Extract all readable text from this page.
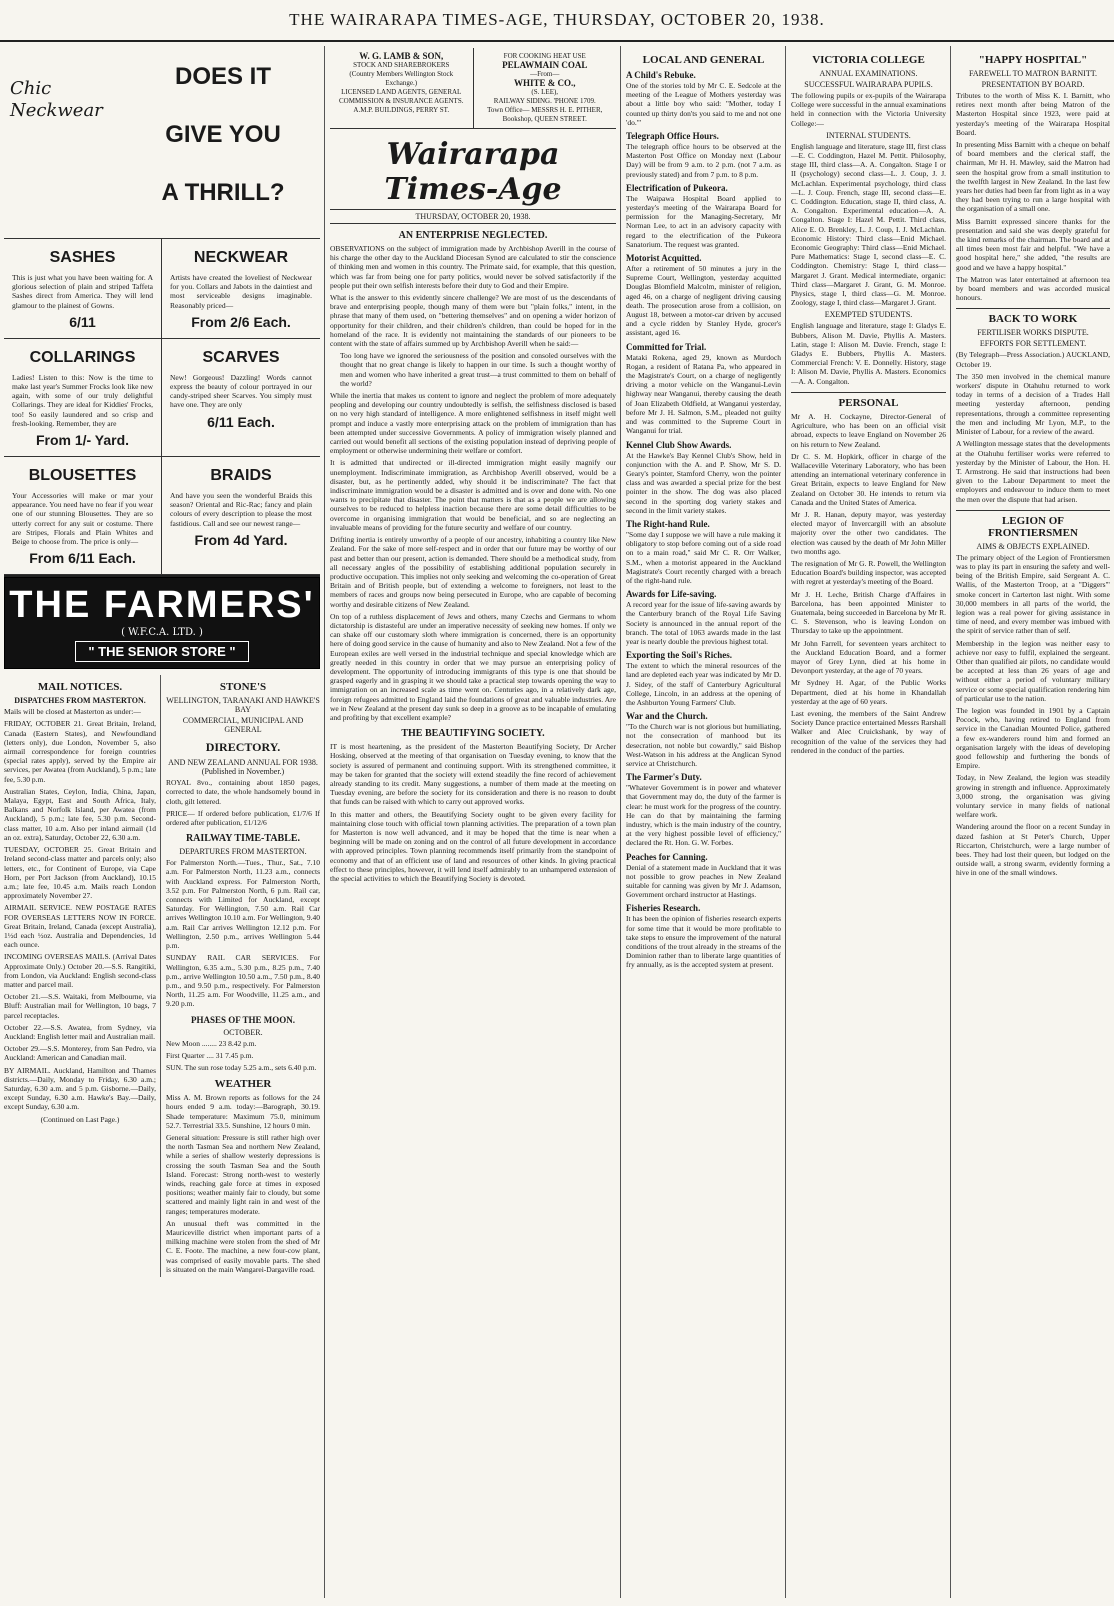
THE WAIRARAPA TIMES-AGE, THURSDAY, OCTOBER 20, 1938.
Chic Neckwear
DOES IT
GIVE YOU
A THRILL?
SASHES

This is just what you have been waiting for. A glorious selection of plain and striped Taffeta Sashes direct from America. They will lend glamour to the plainest of Gowns.

6/11
NECKWEAR

Artists have created the loveliest of Neckwear for you. Collars and Jabots in the daintiest and most serviceable designs imaginable. Reasonably priced—

From 2/6 Each.
COLLARINGS

Ladies! Listen to this: Now is the time to make last year's Summer Frocks look like new again, with some of our truly delightful Collarings. They are ideal for Kiddies' Frocks, too! So easily laundered and so crisp and fresh-looking. Remember, they are

From 1/- Yard.
SCARVES

New! Gorgeous! Dazzling! Words cannot express the beauty of colour portrayed in our candy-striped sheer Scarves. You simply must have one. They are only

6/11 Each.
BLOUSETTES

Your Accessories will make or mar your appearance. You need have no fear if you wear one of our stunning Blousettes. They are so utterly correct for any suit or costume. There are Stripes, Florals and Plain Whites and Beige to choose from. The price is only—

From 6/11 Each.
BRAIDS

And have you seen the wonderful Braids this season? Oriental and Ric-Rac; fancy and plain colours of every description to please the most fastidious. Call and see our newest range—

From 4d Yard.
THE FARMERS'
( W.F.C.A. LTD. )
" THE SENIOR STORE "
MAIL NOTICES.
DISPATCHES FROM MASTERTON.

Mails will be closed at Masterton as under:—

FRIDAY, OCTOBER 21. Great Britain, Ireland, Canada (Eastern States), and Newfoundland (letters only), due London, November 5, also airmail correspondence for foreign countries (special rates apply), served by the Empire air services, per Awatea (from Auckland), 5 p.m.; late fee, 5.30 p.m.

Australian States, Ceylon, India, China, Japan, Malaya, Egypt, East and South Africa, Italy, Balkans and Norfolk Island, per Awatea (from Auckland), 5 p.m.; late fee, 5.30 p.m. Second-class matter, 10 a.m. Also per inland airmail (1d an oz. extra), Saturday, October 22, 6.30 a.m.

TUESDAY, OCTOBER 25. Great Britain and Ireland second-class matter and parcels only; also letters, etc., for Continent of Europe, via Cape Horn, per Port Jackson (from Auckland), 10.15 a.m.; late fee, 10.45 a.m. Mails reach London approximately November 27.

AIRMAIL SERVICE. NEW POSTAGE RATES FOR OVERSEAS LETTERS NOW IN FORCE. Great Britain, Ireland, Canada (except Australia), 1½d each ½oz. Australia and Dependencies, 1d each ounce.

INCOMING OVERSEAS MAILS. (Arrival Dates Approximate Only.) October 20.—S.S. Rangitiki, from London, via Auckland: English second-class matter and parcel mail.

October 21.—S.S. Waitaki, from Melbourne, via Bluff: Australian mail for Wellington, 10 bags, 7 parcel receptacles.

October 22.—S.S. Awatea, from Sydney, via Auckland: English letter mail and Australian mail.

October 29.—S.S. Monterey, from San Pedro, via Auckland: American and Canadian mail.

BY AIRMAIL. Auckland, Hamilton and Thames districts.—Daily, Monday to Friday, 6.30 a.m.; Saturday, 6.30 a.m. and 5 p.m. Gisborne.—Daily, except Sunday, 6.30 a.m. Hawke's Bay.—Daily, except Sunday, 6.30 a.m.

(Continued on Last Page.)

STONE'S
WELLINGTON, TARANAKI AND HAWKE'S BAY
COMMERCIAL, MUNICIPAL AND GENERAL
DIRECTORY.
AND NEW ZEALAND ANNUAL FOR 1938. (Published in November.)

ROYAL 8vo., containing about 1850 pages, corrected to date, the whole handsomely bound in cloth, gilt lettered.

PRICE— If ordered before publication, £1/7/6 If ordered after publication, £1/12/6

RAILWAY TIME-TABLE.
DEPARTURES FROM MASTERTON.

For Palmerston North.—Tues., Thur., Sat., 7.10 a.m. For Palmerston North, 11.23 a.m., connects with Auckland express. For Palmerston North, 3.52 p.m. For Palmerston North, 6 p.m. Rail car, connects with Limited for Auckland, except Saturday. For Wellington, 7.50 a.m. Rail Car arrives Wellington 10.10 a.m. For Wellington, 9.40 a.m. Rail Car arrives Wellington 12.12 p.m. For Wellington, 2.50 p.m., arrives Wellington 5.44 p.m.

SUNDAY RAIL CAR SERVICES. For Wellington, 6.35 a.m., 5.30 p.m., 8.25 p.m., 7.40 p.m., arrive Wellington 10.50 a.m., 7.50 p.m., 8.40 p.m., and 9.50 p.m., respectively. For Palmerston North, 11.25 a.m. For Woodville, 11.25 a.m., and 9.20 p.m.

PHASES OF THE MOON.
OCTOBER.

New Moon ........ 23 8.42 p.m.

First Quarter .... 31 7.45 p.m.

SUN. The sun rose today 5.25 a.m., sets 6.40 p.m.

WEATHER

Miss A. M. Brown reports as follows for the 24 hours ended 9 a.m. today:—Barograph, 30.19. Shade temperature: Maximum 75.0, minimum 52.7. Terrestrial 33.5. Sunshine, 12 hours 0 min.

General situation: Pressure is still rather high over the north Tasman Sea and northern New Zealand, while a series of shallow westerly depressions is crossing the south Tasman Sea and the South Island. Forecast: Strong north-west to westerly winds, reaching gale force at times in exposed positions; weather mainly fair to cloudy, but some scattered and mainly light rain in and west of the ranges; temperatures moderate.

An unusual theft was committed in the Mauriceville district when important parts of a milking machine were stolen from the shed of Mr C. E. Foote. The machine, a new four-cow plant, was comprised of easily movable parts. The shed is situated on the main Wangarei-Dargaville road.

W. G. LAMB & SON,
STOCK AND SHAREBROKERS
(Country Members Wellington Stock Exchange.)
LICENSED LAND AGENTS, GENERAL COMMISSION & INSURANCE AGENTS.
A.M.P. BUILDINGS, PERRY ST.
FOR COOKING HEAT USE
PELAWMAIN COAL
—From—
WHITE & CO.,
(S. LEE),
RAILWAY SIDING. 'PHONE 1709.
Town Office— MESSRS H. E. PITHER, Bookshop, QUEEN STREET.
Wairarapa Times-Age
THURSDAY, OCTOBER 20, 1938.
AN ENTERPRISE NEGLECTED.

OBSERVATIONS on the subject of immigration made by Archbishop Averill in the course of his charge the other day to the Auckland Diocesan Synod are calculated to stir the conscience of thinking men and women in this country. The Primate said, for example, that this question, which was far from being one for party politics, would never be solved satisfactorily if the people put their own selfish interests before their duty to God and their Empire.

What is the answer to this evidently sincere challenge? We are most of us the descendants of brave and enterprising people, though many of them were but "plain folks," intent, in the phrase that many of them used, on "bettering themselves" and on opening a wider horizon of opportunity for their children, and their children's children, than could be hoped for in the homeland of the race. It is evidently not maintaining the standards of our pioneers to be content with the state of affairs summed up by Archbishop Averill when he said:—

Too long have we ignored the seriousness of the position and consoled ourselves with the thought that no great change is likely to happen in our time. Is such a thought worthy of men and women who have inherited a great trust—a trust committed to them on behalf of the world?

While the inertia that makes us content to ignore and neglect the problem of more adequately peopling and developing our country undoubtedly is selfish, the selfishness disclosed is based on no very high standard of intelligence. A more enlightened selfishness in itself might well prompt and induce a vastly more enterprising attack on the problem of immigration than has been attempted under successive Governments. A policy of immigration wisely planned and carried out would benefit all sections of the existing population instead of depriving people of employment or otherwise undermining their welfare or comfort.

It is admitted that undirected or ill-directed immigration might easily magnify our unemployment. Indiscriminate immigration, as Archbishop Averill observed, would be a disaster, but, as he pertinently added, why should it be indiscriminate? The fact that indiscriminate immigration would be a disaster is admitted and is over and done with. No one wants to precipitate that disaster. The point that matters is that as a people we are allowing ourselves to be reduced to helpless inaction because there are some detail difficulties to be overcome in organising immigration that would be beneficial, and so are neglecting an invaluable means of providing for the future security and welfare of our country.

Drifting inertia is entirely unworthy of a people of our ancestry, inhabiting a country like New Zealand. For the sake of more self-respect and in order that our future may be worthy of our past and better than our present, action is demanded. There should be a methodical study, from all necessary angles of the possibility of establishing additional population securely in productive occupation. This implies not only seeking and welcoming the co-operation of Great Britain and of British people, but of extending a welcome to foreigners, not least to the members of races and groups now being persecuted in Europe, who are capable of becoming worthy and desirable citizens of New Zealand.

On top of a ruthless displacement of Jews and others, many Czechs and Germans to whom dictatorship is distasteful are under an imperative necessity of seeking new homes. If only we can shake off our customary sloth where immigration is concerned, there is an opportunity here of doing good service in the cause of humanity and also to New Zealand. Not a few of the European exiles are well versed in the industrial technique and special knowledge which are greatly needed in this country in order that we may pursue an enterprising policy of development. The opportunity of introducing immigrants of this type is one that should be grasped eagerly and in grasping it we should take a practical step towards opening the way to immigration on an increased scale as time went on. Centuries ago, in a relatively dark age, foreign refugees admitted to England laid the foundations of great and valuable industries. Are we in New Zealand at the present day sunk so deep in a groove as to be incapable of emulating and profiting by that excellent example?

THE BEAUTIFYING SOCIETY.

IT is most heartening, as the president of the Masterton Beautifying Society, Dr Archer Hosking, observed at the meeting of that organisation on Tuesday evening, to know that the society is assured of permanent and continuing support. With its strengthened committee, it may be taken for granted that the society will extend steadily the fine record of achievement already standing to its credit. Many suggestions, a number of them made at the meeting on Tuesday evening, are before the society for its consideration and there is no reason to doubt that funds can be raised with which to carry out approved works.

In this matter and others, the Beautifying Society ought to be given every facility for maintaining close touch with official town planning activities. The preparation of a town plan for Masterton is now well advanced, and it may be hoped that the time is near when a beginning will be made on zoning and on the control of all future development in accordance with approved principles. Town planning recommends itself primarily from the standpoint of economy and that of an efficient use of land and resources of other kinds. In giving practical effect to these principles, however, it will lend itself admirably to an unhampered extension of the special activities to which the Beautifying Society is devoted.

LOCAL AND GENERAL
A Child's Rebuke.

One of the stories told by Mr C. E. Sedcole at the meeting of the League of Mothers yesterday was about a little boy who said: "Mother, today I counted up thirty don'ts you said to me and not one 'do.'"

Telegraph Office Hours.

The telegraph office hours to be observed at the Masterton Post Office on Monday next (Labour Day) will be from 9 a.m. to 2 p.m. (not 7 a.m. as previously stated) and from 7 p.m. to 8 p.m.

Electrification of Pukeora.

The Waipawa Hospital Board applied to yesterday's meeting of the Wairarapa Board for permission for the Managing-Secretary, Mr Norman Lee, to act in an advisory capacity with regard to the electrification of the Pukeora Sanatorium. The request was granted.

Motorist Acquitted.

After a retirement of 50 minutes a jury in the Supreme Court, Wellington, yesterday acquitted Douglas Blomfield Malcolm, minister of religion, aged 46, on a charge of negligent driving causing death. The prosecution arose from a collision, on August 18, between a motor-car driven by accused and a cycle ridden by Stanley Hyde, grocer's assistant, aged 16.

Committed for Trial.

Mataki Rokena, aged 29, known as Murdoch Rogan, a resident of Ratana Pa, who appeared in the Magistrate's Court, on a charge of negligently driving a motor vehicle on the Wanganui-Levin highway near Wanganui, thereby causing the death of Joan Elizabeth Oldfield, at Wanganui yesterday, before Mr J. H. Salmon, S.M., pleaded not guilty and was committed to the Supreme Court in Wanganui for trial.

Kennel Club Show Awards.

At the Hawke's Bay Kennel Club's Show, held in conjunction with the A. and P. Show, Mr S. D. Geary's pointer, Stamford Cherry, won the pointer class and was awarded a special prize for the best pointer in the show. The dog was also placed second in the sporting dog variety stakes and second in the limit variety stakes.

The Right-hand Rule.

"Some day I suppose we will have a rule making it obligatory to stop before coming out of a side road on to a main road," said Mr C. R. Orr Walker, S.M., when a motorist appeared in the Auckland Magistrate's Court recently charged with a breach of the right-hand rule.

Awards for Life-saving.

A record year for the issue of life-saving awards by the Canterbury branch of the Royal Life Saving Society is announced in the annual report of the branch. The total of 1063 awards made in the last year is nearly double the previous highest total.

Exporting the Soil's Riches.

The extent to which the mineral resources of the land are depleted each year was indicated by Mr D. J. Sidey, of the staff of Canterbury Agricultural College, Lincoln, in an address at the opening of the Ashburton Young Farmers' Club.

War and the Church.

"To the Church war is not glorious but humiliating, not the consecration of manhood but its desecration, not noble but cowardly," said Bishop West-Watson in his address at the Anglican Synod service at Christchurch.

The Farmer's Duty.

"Whatever Government is in power and whatever that Government may do, the duty of the farmer is clear: he must work for the progress of the country. He can do that by maintaining the farming industry, which is the main industry of the country, at the very highest possible level of efficiency," declared the Rt. Hon. G. W. Forbes.

Peaches for Canning.

Denial of a statement made in Auckland that it was not possible to grow peaches in New Zealand suitable for canning was given by Mr J. Adamson, Government orchard instructor at Hastings.

Fisheries Research.

It has been the opinion of fisheries research experts for some time that it would be more profitable to take steps to ensure the improvement of the natural conditions of the trout already in the streams of the Dominion rather than to liberate large quantities of fry annually, as is the accepted system at present.

VICTORIA COLLEGE
ANNUAL EXAMINATIONS.
SUCCESSFUL WAIRARAPA PUPILS.

The following pupils or ex-pupils of the Wairarapa College were successful in the annual examinations held in connection with the Victoria University College:—

INTERNAL STUDENTS.

English language and literature, stage III, first class—E. C. Coddington, Hazel M. Pettit. Philosophy, stage III, third class—A. A. Congalton. Stage I or II (psychology) second class—L. J. Coup, J. J. McLachlan. Experimental psychology, third class—L. J. Coup. French, stage III, second class—E. C. Coddington. Education, stage II, third class, A. A. Congalton. Experimental education—A. A. Congalton. Stage I: Hazel M. Pettit. Third class, Alice E. O. Brenkley, L. J. Coup, I. J. McLachlan. Economic History: Third class—Enid Michael. Economic Geography: Third class—Enid Michael. Pure Mathematics: Stage I, second class—E. C. Coddington. Chemistry: Stage I, third class—Margaret J. Grant. Medical intermediate, organic: Third class—Margaret J. Grant, G. M. Monroe. Physics, stage I, third class—G. M. Monroe. Zoology, stage I, third class—Margaret J. Grant.

EXEMPTED STUDENTS.

English language and literature, stage I: Gladys E. Bubbers, Alison M. Davie, Phyllis A. Masters. Latin, stage I: Alison M. Davie. French, stage I: Gladys E. Bubbers, Phyllis A. Masters. Commercial French: V. E. Donnelly. History, stage I: Alison M. Davie, Phyllis A. Masters. Economics—A. A. Congalton.

PERSONAL

Mr A. H. Cockayne, Director-General of Agriculture, who has been on an official visit abroad, expects to leave England on November 26 on his return to New Zealand.

Dr C. S. M. Hopkirk, officer in charge of the Wallaceville Veterinary Laboratory, who has been attending an international veterinary conference in Great Britain, expects to leave England for New Zealand on October 30. He intends to return via Canada and the United States of America.

Mr J. R. Hanan, deputy mayor, was yesterday elected mayor of Invercargill with an absolute majority over the other two candidates. The election was caused by the death of Mr John Miller two months ago.

The resignation of Mr G. R. Powell, the Wellington Education Board's building inspector, was accepted with regret at yesterday's meeting of the Board.

Mr J. H. Leche, British Charge d'Affaires in Barcelona, has been appointed Minister to Guatemala, being succeeded in Barcelona by Mr R. C. S. Stevenson, who is leaving London on Thursday to take up the appointment.

Mr John Farrell, for seventeen years architect to the Auckland Education Board, and a former mayor of Grey Lynn, died at his home in Devonport yesterday, at the age of 70 years.

Mr Sydney H. Agar, of the Public Works Department, died at his home in Khandallah yesterday at the age of 60 years.

Last evening, the members of the Saint Andrew Society Dance practice entertained Messrs Rarshall Walker and Alec Cruickshank, by way of recognition of the value of the services they had rendered in the conduct of the parties.

"HAPPY HOSPITAL"
FAREWELL TO MATRON BARNITT.
PRESENTATION BY BOARD.

Tributes to the worth of Miss K. I. Barnitt, who retires next month after being Matron of the Masterton Hospital since 1923, were paid at yesterday's meeting of the Wairarapa Hospital Board.

In presenting Miss Barnitt with a cheque on behalf of board members and the clerical staff, the chairman, Mr H. H. Mawley, said the Matron had seen the hospital grow from a small institution to the twelfth largest in New Zealand. In the last few years her duties had been far from light as in a way they had been trying to run a large hospital with the organisation of a small one.

Miss Barnitt expressed sincere thanks for the presentation and said she was deeply grateful for the kind remarks of the chairman. The board and at all times been most fair and helpful. "We have a good hospital here," she added, "the results are good and we have a happy hospital."

The Matron was later entertained at afternoon tea by board members and was accorded musical honours.

BACK TO WORK
FERTILISER WORKS DISPUTE.
EFFORTS FOR SETTLEMENT.

(By Telegraph—Press Association.) AUCKLAND, October 19.

The 350 men involved in the chemical manure workers' dispute in Otahuhu returned to work today in terms of a decision of a Trades Hall meeting yesterday afternoon, pending representations, through a committee representing the men and including Mr Lyon, M.P., to the Minister of Labour, for a review of the award.

A Wellington message states that the developments at the Otahuhu fertiliser works were referred to yesterday by the Minister of Labour, the Hon. H. T. Armstrong. He said that instructions had been given to the Labour Department to meet the employers and endeavour to induce them to meet the men over the dispute that had arisen.

LEGION OF FRONTIERSMEN
AIMS & OBJECTS EXPLAINED.

The primary object of the Legion of Frontiersmen was to play its part in ensuring the safety and well-being of the British Empire, said Sergeant A. C. Wallis, of the Masterton Troop, at a "Diggers'" smoke concert in Carterton last night. With some 30,000 members in all parts of the world, the legion was a real power for giving assistance in time of need, and every member was imbued with the spirit of service rather than of self.

Membership in the legion was neither easy to achieve nor easy to fulfil, explained the sergeant. Other than qualified air pilots, no candidate would be accepted at less than 26 years of age and without either a period of voluntary military service or some special qualification rendering him of particular use to the nation.

The legion was founded in 1901 by a Captain Pocock, who, having retired to England from service in the Canadian Mounted Police, gathered a few ex-wanderers round him and formed an organisation largely with the ideas of developing good fellowship and furthering the bonds of Empire.

Today, in New Zealand, the legion was steadily growing in strength and influence. Approximately 3,000 strong, the organisation was giving voluntary service in many fields of national welfare work.

Wandering around the floor on a recent Sunday in dazed fashion at St Peter's Church, Upper Riccarton, Christchurch, were a large number of bees. They had lost their queen, but lodged on the outside wall, a strong swarm, evidently forming a hive in one of the small windows.
